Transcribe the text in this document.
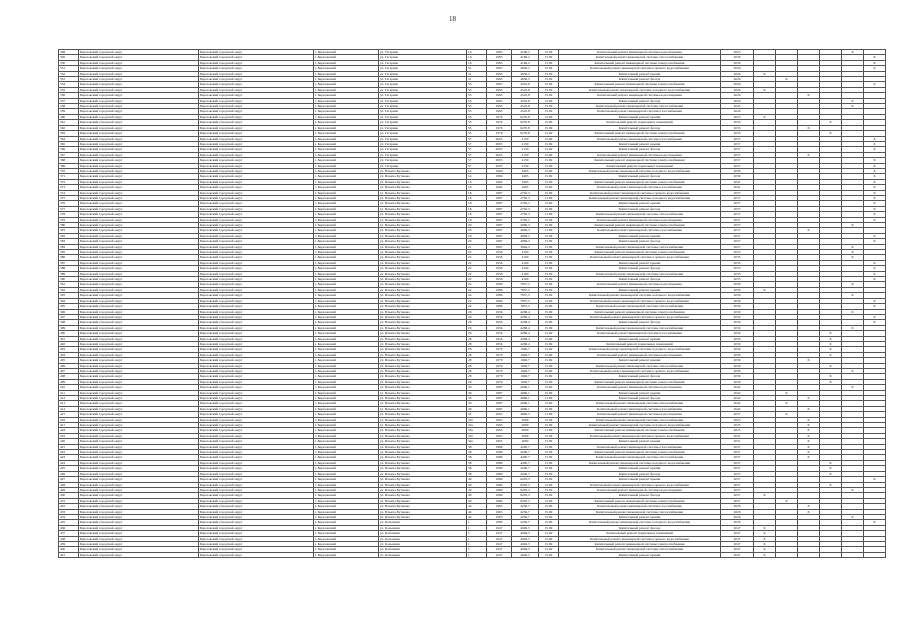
18
348	Березовский городской округ	Березовский городской округ	г. Березовский	ул. Гагарина	16	1983	4166,2	15.09	Капитальный ремонт инженерной системы водоотведения	2025					X	
349	Березовский городской округ	Березовский городской округ	г. Березовский	ул. Гагарина	16	1983	4166,2	15.09	Капитальный ремонт инженерной системы теплоснабжения	2039						X
350	Березовский городской округ	Березовский городской округ	г. Березовский	ул. Гагарина	16	1983	4166,2	15.09	Капитальный ремонт инженерной системы электроснабжения	2039						X
351	Березовский городской округ	Березовский городской округ	г. Березовский	ул. Гагарина	51	1965	4636,5	15.09	Капитальный ремонт инженерной системы горячего водоснабжения	2026						X
352	Березовский городской округ	Березовский городской округ	г. Березовский	ул. Гагарина	51	1965	4636,5	15.09	Капитальный ремонт крыши	2026	X					
353	Березовский городской округ	Березовский городской округ	г. Березовский	ул. Гагарина	51	1965	4636,5	15.09	Капитальный ремонт фасада	2026		X				
354	Березовский городской округ	Березовский городской округ	г. Березовский	ул. Гагарина	53	1965	4510,8	15.09	Капитальный ремонт инженерной системы электроснабжения	2026						X
355	Березовский городской округ	Березовский городской округ	г. Березовский	ул. Гагарина	53	1965	4510,8	15.09	Капитальный ремонт инженерной системы холодного водоснабжения	2026	X					
356	Березовский городской округ	Березовский городской округ	г. Березовский	ул. Гагарина	53	1965	4510,8	15.09	Капитальный ремонт инженерной системы водоотведения	2026			X			
357	Березовский городской округ	Березовский городской округ	г. Березовский	ул. Гагарина	53	1965	4510,8	15.09	Капитальный ремонт фасада	2026					X	
358	Березовский городской округ	Березовский городской округ	г. Березовский	ул. Гагарина	53	1965	4510,8	15.09	Капитальный ремонт инженерной системы теплоснабжения	2043					X	
359	Березовский городской округ	Березовский городской округ	г. Березовский	ул. Гагарина	53	1965	4510,8	15.09	Капитальный ремонт инженерной системы газоснабжения	2026						
360	Березовский городской округ	Березовский городской округ	г. Березовский	ул. Гагарина	55	1976	6270,8	15.09	Капитальный ремонт крыши	2025	X					
361	Березовский городской округ	Березовский городской округ	г. Березовский	ул. Гагарина	55	1976	6270,8	15.09	Капитальный ремонт подвальных помещений	2033				X		
362	Березовский городской округ	Березовский городской округ	г. Березовский	ул. Гагарина	55	1976	6270,8	15.09	Капитальный ремонт фасада	2033			X			
363	Березовский городской округ	Березовский городской округ	г. Березовский	ул. Гагарина	55	1976	6270,8	15.09	Капитальный ремонт инженерной системы электроснабжения	2033				X		
364	Березовский городской округ	Березовский городской округ	г. Березовский	ул. Гагарина	57	2005	2150	15.09	Капитальный ремонт инженерной системы газоснабжения	2037						X
365	Березовский городской округ	Березовский городской округ	г. Березовский	ул. Гагарина	57	2005	2150	15.09	Капитальный ремонт крыши	2037						X
366	Березовский городской округ	Березовский городской округ	г. Березовский	ул. Гагарина	57	2005	2150	15.09	Капитальный ремонт фасада	2037						X
367	Березовский городской округ	Березовский городской округ	г. Березовский	ул. Гагарина	57	2005	2150	15.09	Капитальный ремонт инженерной системы водоотведения	2037			X			
368	Березовский городской округ	Березовский городской округ	г. Березовский	ул. Гагарина	57	2005	2150	15.09	Капитальный ремонт инженерной системы электроснабжения	2037						X
369	Березовский городской округ	Березовский городской округ	г. Березовский	ул. Гагарина	57	2005	2150	15.09	Капитальный ремонт подвальных помещений	2037						X
370	Березовский городской округ	Березовский городской округ	г. Березовский	ул. Ильича-Бутакова	14	1969	2465	15.09	Капитальный ремонт инженерной системы холодного водоснабжения	2039						X
371	Березовский городской округ	Березовский городской округ	г. Березовский	ул. Ильича-Бутакова	14	1969	2465	15.09	Капитальный ремонт фасада	2039						X
372	Березовский городской округ	Березовский городской округ	г. Березовский	ул. Ильича-Бутакова	16	1964	2465	15.09	Капитальный ремонт инженерной системы электроснабжения	2041						X
373	Березовский городской округ	Березовский городской округ	г. Березовский	ул. Ильича-Бутакова	16	1964	2465	15.09	Капитальный ремонт инженерной системы газоснабжения	2041						X
374	Березовский городской округ	Березовский городской округ	г. Березовский	ул. Ильича-Бутакова	18	1987	2762,3	15.09	Капитальный ремонт инженерной системы горячего водоснабжения	2037						X
375	Березовский городской округ	Березовский городской округ	г. Березовский	ул. Ильича-Бутакова	18	1987	2762,3	15.09	Капитальный ремонт инженерной системы холодного водоснабжения	2037						X
376	Березовский городской округ	Березовский городской округ	г. Березовский	ул. Ильича-Бутакова	18	1987	2762,3	15.09	Капитальный ремонт крыши	2037						X
377	Березовский городской округ	Березовский городской округ	г. Березовский	ул. Ильича-Бутакова	18	1987	2762,3	15.09	Капитальный ремонт фасада	2037						X
378	Березовский городской округ	Березовский городской округ	г. Березовский	ул. Ильича-Бутакова	18	1987	2762,3	15.09	Капитальный ремонт инженерной системы теплоснабжения	2037						X
379	Березовский городской округ	Березовский городской округ	г. Березовский	ул. Ильича-Бутакова	18	1987	2762,3	15.09	Капитальный ремонт инженерной системы водоотведения	2037						X
380	Березовский городской округ	Березовский городской округ	г. Березовский	ул. Ильича-Бутакова	20	1987	4069,3	15.09	Капитальный ремонт инженерной системы электроснабжения	2037					X	
381	Березовский городской округ	Березовский городской округ	г. Березовский	ул. Ильича-Бутакова	20	1987	4069,3	15.09	Капитальный ремонт инженерной системы газоснабжения	2037			X			
382	Березовский городской округ	Березовский городской округ	г. Березовский	ул. Ильича-Бутакова	20	1987	4069,3	15.09	Капитальный ремонт крыши	2037						X
383	Березовский городской округ	Березовский городской округ	г. Березовский	ул. Ильича-Бутакова	20	1987	4069,3	15.09	Капитальный ремонт фасада	2037						X
384	Березовский городской округ	Березовский городской округ	г. Березовский	ул. Ильича-Бутакова	21	1967	3664,3	15.09	Капитальный ремонт инженерной системы теплоснабжения	2027					X	
385	Березовский городской округ	Березовский городской округ	г. Березовский	ул. Ильича-Бутакова	22	1956	4100	15.09	Капитальный ремонт инженерной системы электроснабжения	2035					X	
386	Березовский городской округ	Березовский городской округ	г. Березовский	ул. Ильича-Бутакова	22	1956	4100	15.09	Капитальный ремонт инженерной системы горячего водоснабжения	2035					X	
387	Березовский городской округ	Березовский городской округ	г. Березовский	ул. Ильича-Бутакова	22	1956	4100	15.09	Капитальный ремонт крыши	2035						X
388	Березовский городской округ	Березовский городской округ	г. Березовский	ул. Ильича-Бутакова	22	1956	4100	15.09	Капитальный ремонт фасада	2035						X
389	Березовский городской округ	Березовский городской округ	г. Березовский	ул. Ильича-Бутакова	22	1956	4100	15.09	Капитальный ремонт инженерной системы теплоснабжения	2035						X
390	Березовский городской округ	Березовский городской округ	г. Березовский	ул. Ильича-Бутакова	22	1956	4100	15.09	Капитальный ремонт фасада	2035						X
391	Березовский городской округ	Березовский городской округ	г. Березовский	ул. Ильича-Бутакова	24	1986	7857,5	15.09	Капитальный ремонт инженерной системы водоотведения	2039					X	
392	Березовский городской округ	Березовский городской округ	г. Березовский	ул. Ильича-Бутакова	24	1986	7857,5	15.09	Капитальный ремонт крыши	2039	X					
393	Березовский городской округ	Березовский городской округ	г. Березовский	ул. Ильича-Бутакова	24	1986	7857,5	15.09	Капитальный ремонт инженерной системы холодного водоснабжения	2039					X	
394	Березовский городской округ	Березовский городской округ	г. Березовский	ул. Ильича-Бутакова	24	1986	7857,5	15.09	Капитальный ремонт инженерной системы горячего водоснабжения	2039						X
395	Березовский городской округ	Березовский городской округ	г. Березовский	ул. Ильича-Бутакова	24	1986	7857,5	15.09	Капитальный ремонт инженерной системы теплоснабжения	2039						X
396	Березовский городской округ	Березовский городской округ	г. Березовский	ул. Ильича-Бутакова	26	1956	4268,4	15.09	Капитальный ремонт инженерной системы электроснабжения	2030					X	
397	Березовский городской округ	Березовский городской округ	г. Березовский	ул. Ильича-Бутакова	26	1956	4268,4	15.09	Капитальный ремонт инженерной системы горячего водоснабжения	2030						X
398	Березовский городской округ	Березовский городской округ	г. Березовский	ул. Ильича-Бутакова	26	1956	4268,4	15.09	Капитальный ремонт фасада	2030						X
399	Березовский городской округ	Березовский городской округ	г. Березовский	ул. Ильича-Бутакова	26	1956	4268,4	15.09	Капитальный ремонт инженерной системы теплоснабжения	2030					X	
400	Березовский городской округ	Березовский городской округ	г. Березовский	ул. Ильича-Бутакова	26	1956	4268,4	15.09	Капитальный ремонт инженерной системы газоснабжения	2030				X		
401	Березовский городской округ	Березовский городской округ	г. Березовский	ул. Ильича-Бутакова	28	1956	4268,4	15.09	Капитальный ремонт крыши	2030				X		
402	Березовский городской округ	Березовский городской округ	г. Березовский	ул. Ильича-Бутакова	28	1956	4268,4	15.09	Капитальный ремонт подвальных помещений	2030				X		
403	Березовский городской округ	Березовский городской округ	г. Березовский	ул. Ильича-Бутакова	28	1979	1946,7	15.09	Капитальный ремонт инженерной системы холодного водоснабжения	2039				X		
404	Березовский городской округ	Березовский городской округ	г. Березовский	ул. Ильича-Бутакова	28	1979	1946,7	15.09	Капитальный ремонт инженерной системы водоотведения	2039				X		
405	Березовский городской округ	Березовский городской округ	г. Березовский	ул. Ильича-Бутакова	28	1979	1946,7	15.09	Капитальный ремонт крыши	2039			X			
406	Березовский городской округ	Березовский городской округ	г. Березовский	ул. Ильича-Бутакова	28	1979	1946,7	15.09	Капитальный ремонт инженерной системы теплоснабжения	2039				X		
407	Березовский городской округ	Березовский городской округ	г. Березовский	ул. Ильича-Бутакова	28	1979	1946,7	15.09	Капитальный ремонт инженерной системы горячего водоснабжения	2039					X	
408	Березовский городской округ	Березовский городской округ	г. Березовский	ул. Ильича-Бутакова	28	1979	1946,7	15.09	Капитальный ремонт фасада	2039				X		
409	Березовский городской округ	Березовский городской округ	г. Березовский	ул. Ильича-Бутакова	29	1979	1946,7	15.09	Капитальный ремонт инженерной системы электроснабжения	2039				X		
410	Березовский городской округ	Березовский городской округ	г. Березовский	ул. Ильича-Бутакова	30	1987	4066,1	15.09	Капитальный ремонт инженерной системы водоотведения	2042					X	
411	Березовский городской округ	Березовский городской округ	г. Березовский	ул. Ильича-Бутакова	30	1987	4066,1	15.09	Капитальный ремонт крыши	2042		X				
412	Березовский городской округ	Березовский городской округ	г. Березовский	ул. Ильича-Бутакова	30	1987	4066,1	15.09	Капитальный ремонт фасада	2042			X			
413	Березовский городской округ	Березовский городской округ	г. Березовский	ул. Ильича-Бутакова	30	1987	4066,1	15.09	Капитальный ремонт инженерной системы теплоснабжения	2042		X				
414	Березовский городской округ	Березовский городской округ	г. Березовский	ул. Ильича-Бутакова	30	1987	4066,1	15.09	Капитальный ремонт инженерной системы газоснабжения	2042			X			
415	Березовский городской округ	Березовский городской округ	г. Березовский	ул. Ильича-Бутакова	32	2003	4860,5	15.09	Капитальный ремонт инженерной системы водоотведения	2037		X				
416	Березовский городской округ	Березовский городской округ	г. Березовский	ул. Ильича-Бутакова	32a	1965	2069	15.09	Капитальный ремонт инженерной системы теплоснабжения	2025			X			
417	Березовский городской округ	Березовский городской округ	г. Березовский	ул. Ильича-Бутакова	32a	1965	2069	15.09	Капитальный ремонт инженерной системы холодного водоснабжения	2025			X			
418	Березовский городской округ	Березовский городской округ	г. Березовский	ул. Ильича-Бутакова	32a	1965	2069	15.09	Капитальный ремонт инженерной системы электроснабжения	2025			X			
419	Березовский городской округ	Березовский городской округ	г. Березовский	ул. Ильича-Бутакова	32a	1965	2069	15.09	Капитальный ремонт инженерной системы горячего водоснабжения	2031			X			
420	Березовский городской округ	Березовский городской округ	г. Березовский	ул. Ильича-Бутакова	32a	1965	2069	15.09	Капитальный ремонт крыши	2031			X			
421	Березовский городской округ	Березовский городской округ	г. Березовский	ул. Ильича-Бутакова	38	1989	4200,7	15.09	Капитальный ремонт инженерной системы газоснабжения	2037			X			
422	Березовский городской округ	Березовский городской округ	г. Березовский	ул. Ильича-Бутакова	38	1989	4200,7	15.09	Капитальный ремонт инженерной системы электроснабжения	2037			X			
423	Березовский городской округ	Березовский городской округ	г. Березовский	ул. Ильича-Бутакова	38	1989	4200,7	15.09	Капитальный ремонт инженерной системы теплоснабжения	2037			X			
424	Березовский городской округ	Березовский городской округ	г. Березовский	ул. Ильича-Бутакова	38	1989	4200,7	15.09	Капитальный ремонт инженерной системы холодного водоснабжения	2037				X		
425	Березовский городской округ	Березовский городской округ	г. Березовский	ул. Ильича-Бутакова	38	1989	4200,7	15.09	Капитальный ремонт крыши	2037				X		
426	Березовский городской округ	Березовский городской округ	г. Березовский	ул. Ильича-Бутакова	38	1989	4200,7	15.09	Капитальный ремонт фасада	2037				X		
427	Березовский городской округ	Березовский городской округ	г. Березовский	ул. Ильича-Бутакова	40	1989	6203,3	15.09	Капитальный ремонт крыши	2037						X
428	Березовский городской округ	Березовский городской округ	г. Березовский	ул. Ильича-Бутакова	40	1989	6203,3	15.09	Капитальный ремонт инженерной системы горячего водоснабжения	2037				X		
429	Березовский городской округ	Березовский городской округ	г. Березовский	ул. Ильича-Бутакова	40	1989	6203,3	15.09	Капитальный ремонт инженерной системы водоотведения	2037					X	
430	Березовский городской округ	Березовский городской округ	г. Березовский	ул. Ильича-Бутакова	40	1989	6203,3	15.09	Капитальный ремонт фасада	2037	X					
431	Березовский городской округ	Березовский городской округ	г. Березовский	ул. Ильича-Бутакова	40	1989	6203,3	15.09	Капитальный ремонт инженерной системы электроснабжения	2037		X				
432	Березовский городской округ	Березовский городской округ	г. Березовский	ул. Ильича-Бутакова	44	1965	4236,7	15.09	Капитальный ремонт инженерной системы газоснабжения	2026			X			
433	Березовский городской округ	Березовский городской округ	г. Березовский	ул. Ильича-Бутакова	44	1965	4236,7	15.09	Капитальный ремонт инженерной системы теплоснабжения	2026			X			
434	Березовский городской округ	Березовский городской округ	г. Березовский	ул. Ильича-Бутакова	44	1965	4236,7	15.09	Капитальный ремонт крыши	2026					X	
435	Березовский городской округ	Березовский городской округ	г. Березовский	ул. Кольцевая	1	1960	4236,7	15.09	Капитальный ремонт инженерной системы холодного водоснабжения	2026						X
436	Березовский городской округ	Березовский городской округ	г. Березовский	ул. Кольцевая	1	1947	4046,5	15.09	Капитальный ремонт фасада	2047	X					
437	Березовский городской округ	Березовский городской округ	г. Березовский	ул. Кольцевая	1	1947	4046,5	15.09	Капитальный ремонт подвальных помещений	2047	X					
438	Березовский городской округ	Березовский городской округ	г. Березовский	ул. Кольцевая	1	1947	4046,5	15.09	Капитальный ремонт инженерной системы горячего водоснабжения	2047	X					
439	Березовский городской округ	Березовский городской округ	г. Березовский	ул. Кольцевая	1	1947	4046,5	15.09	Капитальный ремонт инженерной системы электроснабжения	2047	X					
440	Березовский городской округ	Березовский городской округ	г. Березовский	ул. Кольцевая	1	1947	4046,5	15.09	Капитальный ремонт инженерной системы теплоснабжения	2047	X					
441	Березовский городской округ	Березовский городской округ	г. Березовский	ул. Кольцевая	1	1947	4046,5	15.09	Капитальный ремонт крыши	2047	X					
